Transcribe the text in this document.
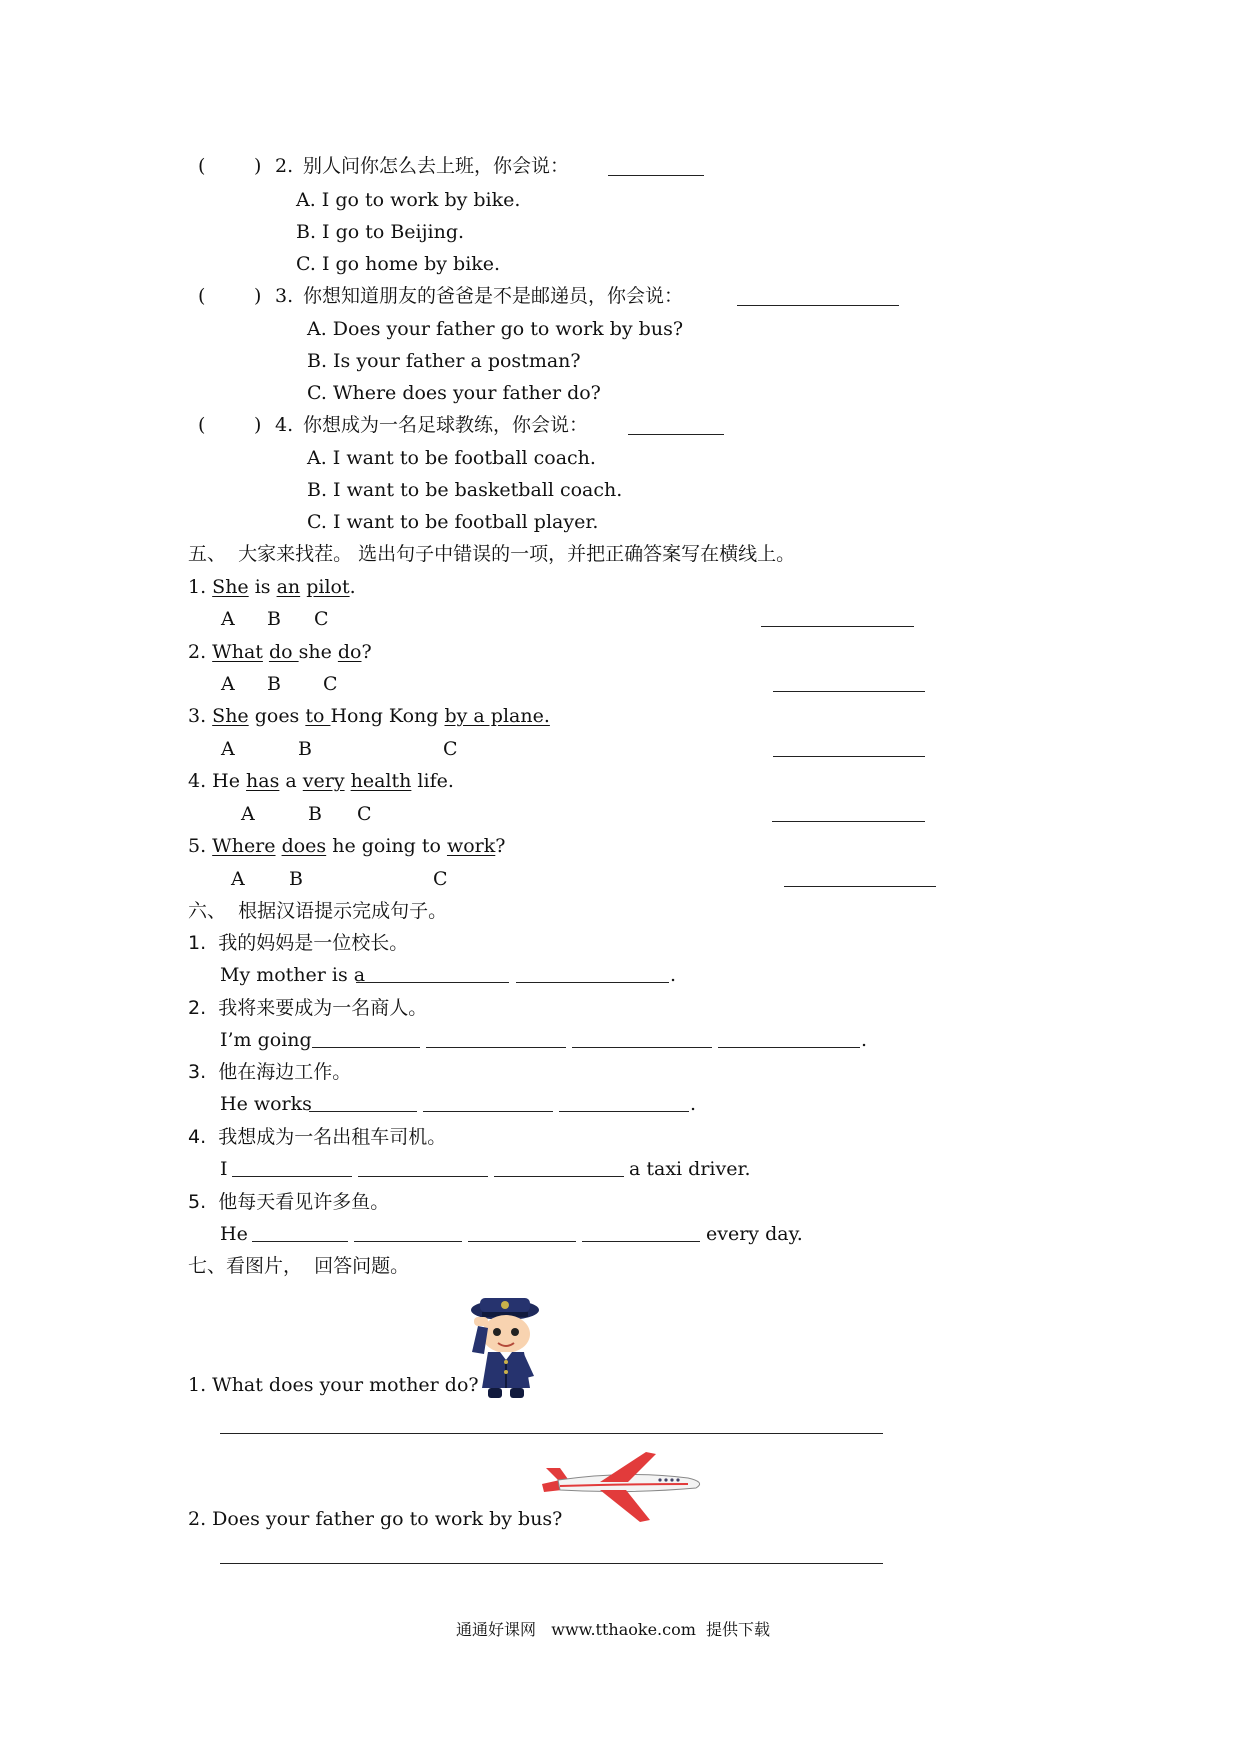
(	) 2. 别人问你怎么去上班，你会说：
A. I go to work by bike.
B. I go to Beijing.
C. I go home by bike.
(	) 3. 你想知道朋友的爸爸是不是邮递员，你会说：
A. Does your father go to work by bus?
B. Is your father a postman?
C. Where does your father do?
(	) 4. 你想成为一名足球教练，你会说：
A. I want to be football coach.
B. I want to be basketball coach.
C. I want to be football player.
五、  大家来找茬。 选出句子中错误的一项，并把正确答案写在横线上。
1. She is an pilot.
A B C
2. What do she do?
A B C
3. She goes to Hong Kong by a plane.
A	B	C
4. He has a very health life.
A	B C
5. Where does he going to work?
A B	C
六、  根据汉语提示完成句子。
1.  我的妈妈是一位校长。
My mother is a	.
2.  我将来要成为一名商人。
I’m going	.
3.  他在海边工作。
He works	.
4.  我想成为一名出租车司机。
I	a taxi driver.
5.  他每天看见许多鱼。
He	every day.
七、看图片，  回答问题。
1. What does your mother do?
2. Does your father go to work by bus?
通通好课网   www.tthaoke.com  提供下载
